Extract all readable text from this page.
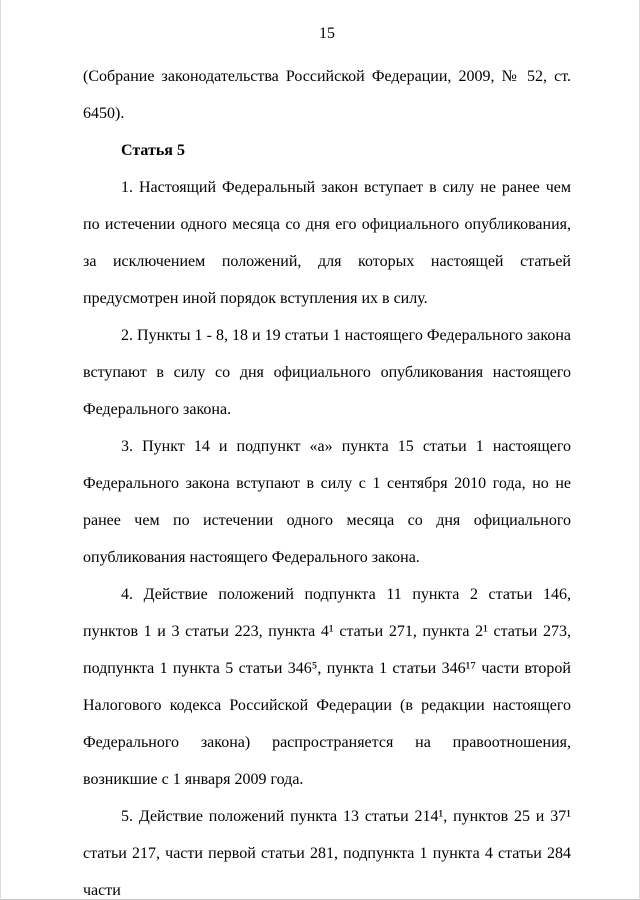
15

(Собрание законодательства Российской Федерации, 2009, № 52, ст. 6450).

Статья 5

1. Настоящий Федеральный закон вступает в силу не ранее чем по истечении одного месяца со дня его официального опубликования, за исключением положений, для которых настоящей статьей предусмотрен иной порядок вступления их в силу.

2. Пункты 1 - 8, 18 и 19 статьи 1 настоящего Федерального закона вступают в силу со дня официального опубликования настоящего Федерального закона.

3. Пункт 14 и подпункт «а» пункта 15 статьи 1 настоящего Федерального закона вступают в силу с 1 сентября 2010 года, но не ранее чем по истечении одного месяца со дня официального опубликования настоящего Федерального закона.

4. Действие положений подпункта 11 пункта 2 статьи 146, пунктов 1 и 3 статьи 223, пункта 4¹ статьи 271, пункта 2¹ статьи 273, подпункта 1 пункта 5 статьи 346⁵, пункта 1 статьи 346¹⁷ части второй Налогового кодекса Российской Федерации (в редакции настоящего Федерального закона) распространяется на правоотношения, возникшие с 1 января 2009 года.

5. Действие положений пункта 13 статьи 214¹, пунктов 25 и 37¹ статьи 217, части первой статьи 281, подпункта 1 пункта 4 статьи 284 части
